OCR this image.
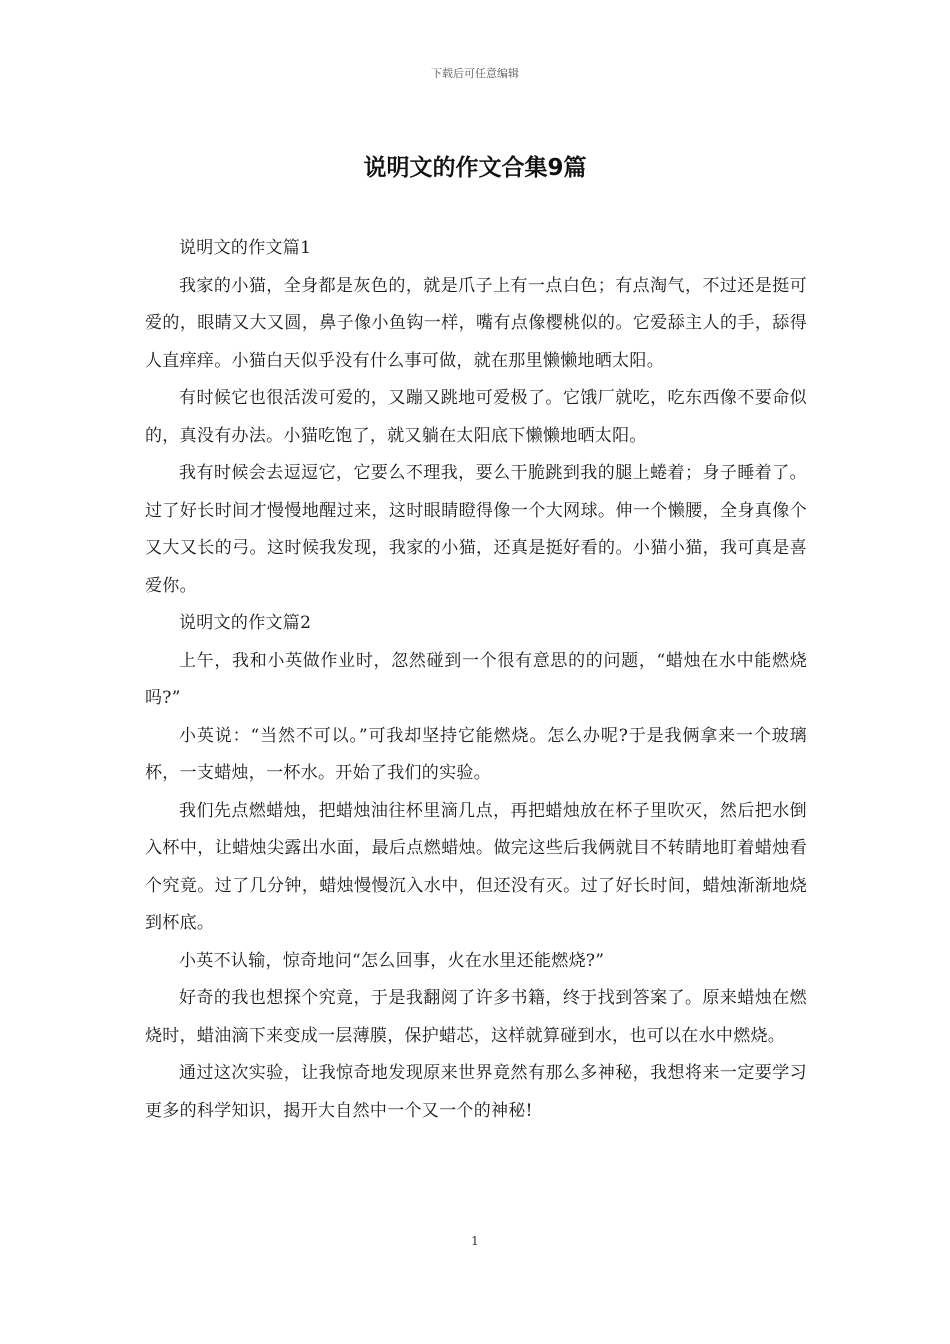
下载后可任意编辑
说明文的作文合集9篇

说明文的作文篇1

我家的小猫，全身都是灰色的，就是爪子上有一点白色；有点淘气，不过还是挺可爱的，眼睛又大又圆，鼻子像小鱼钩一样，嘴有点像樱桃似的。它爱舔主人的手，舔得人直痒痒。小猫白天似乎没有什么事可做，就在那里懒懒地晒太阳。

有时候它也很活泼可爱的，又蹦又跳地可爱极了。它饿厂就吃，吃东西像不要命似的，真没有办法。小猫吃饱了，就又躺在太阳底下懒懒地晒太阳。

我有时候会去逗逗它，它要么不理我，要么干脆跳到我的腿上蜷着；身子睡着了。过了好长时间才慢慢地醒过来，这时眼睛瞪得像一个大网球。伸一个懒腰，全身真像个又大又长的弓。这时候我发现，我家的小猫，还真是挺好看的。小猫小猫，我可真是喜爱你。

说明文的作文篇2

上午，我和小英做作业时，忽然碰到一个很有意思的的问题，“蜡烛在水中能燃烧吗?”

小英说：“当然不可以。”可我却坚持它能燃烧。怎么办呢?于是我俩拿来一个玻璃杯，一支蜡烛，一杯水。开始了我们的实验。

我们先点燃蜡烛，把蜡烛油往杯里滴几点，再把蜡烛放在杯子里吹灭，然后把水倒入杯中，让蜡烛尖露出水面，最后点燃蜡烛。做完这些后我俩就目不转睛地盯着蜡烛看个究竟。过了几分钟，蜡烛慢慢沉入水中，但还没有灭。过了好长时间，蜡烛渐渐地烧到杯底。

小英不认输，惊奇地问“怎么回事，火在水里还能燃烧?”

好奇的我也想探个究竟，于是我翻阅了许多书籍，终于找到答案了。原来蜡烛在燃烧时，蜡油滴下来变成一层薄膜，保护蜡芯，这样就算碰到水，也可以在水中燃烧。

通过这次实验，让我惊奇地发现原来世界竟然有那么多神秘，我想将来一定要学习更多的科学知识，揭开大自然中一个又一个的神秘!

1
